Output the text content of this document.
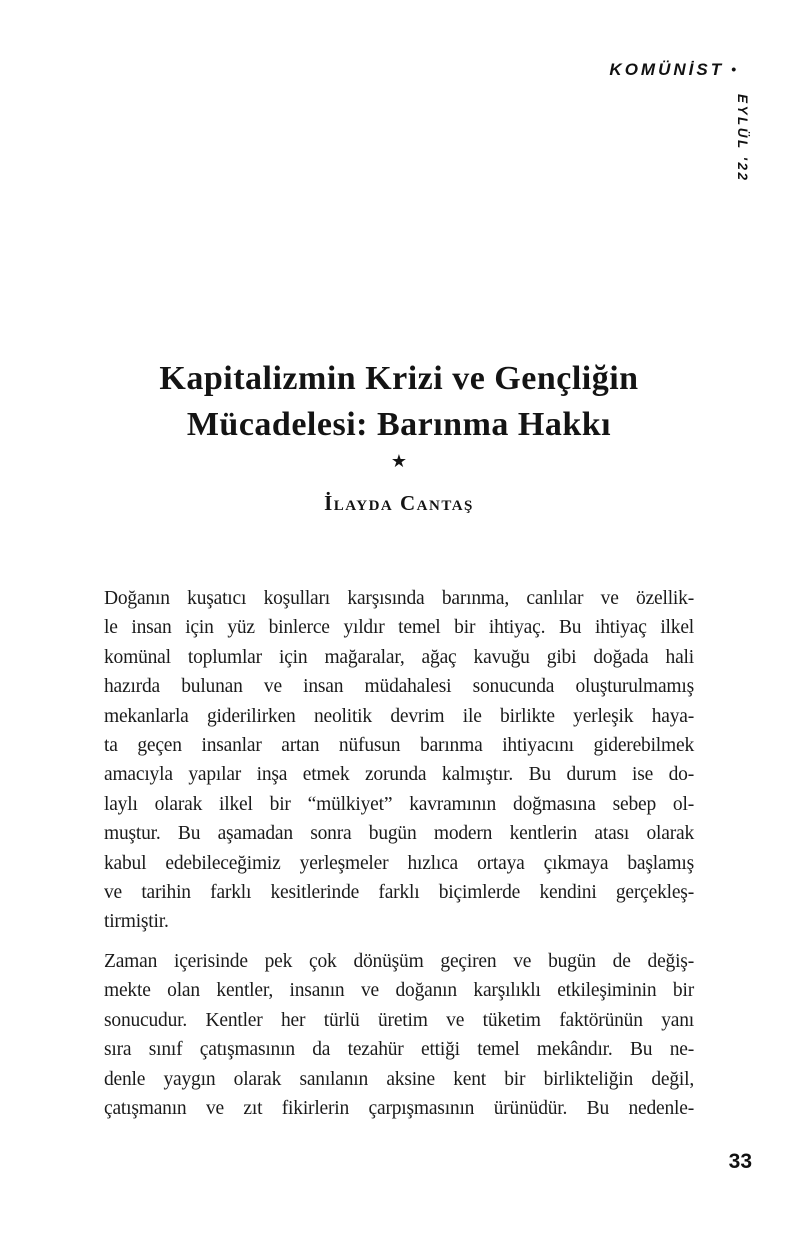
KOMÜNİST •
EYLÜL '22
Kapitalizmin Krizi ve Gençliğin
Mücadelesi: Barınma Hakkı
★
İlayda Cantaş

Doğanın kuşatıcı koşulları karşısında barınma, canlılar ve özellik-
le insan için yüz binlerce yıldır temel bir ihtiyaç. Bu ihtiyaç ilkel
komünal toplumlar için mağaralar, ağaç kavuğu gibi doğada hali
hazırda bulunan ve insan müdahalesi sonucunda oluşturulmamış
mekanlarla giderilirken neolitik devrim ile birlikte yerleşik haya-
ta geçen insanlar artan nüfusun barınma ihtiyacını giderebilmek
amacıyla yapılar inşa etmek zorunda kalmıştır. Bu durum ise do-
laylı olarak ilkel bir “mülkiyet” kavramının doğmasına sebep ol-
muştur. Bu aşamadan sonra bugün modern kentlerin atası olarak
kabul edebileceğimiz yerleşmeler hızlıca ortaya çıkmaya başlamış
ve tarihin farklı kesitlerinde farklı biçimlerde kendini gerçekleş-
tirmiştir.

Zaman içerisinde pek çok dönüşüm geçiren ve bugün de değiş-
mekte olan kentler, insanın ve doğanın karşılıklı etkileşiminin bir
sonucudur. Kentler her türlü üretim ve tüketim faktörünün yanı
sıra sınıf çatışmasının da tezahür ettiği temel mekândır. Bu ne-
denle yaygın olarak sanılanın aksine kent bir birlikteliğin değil,
çatışmanın ve zıt fikirlerin çarpışmasının ürünüdür. Bu nedenle-

33
